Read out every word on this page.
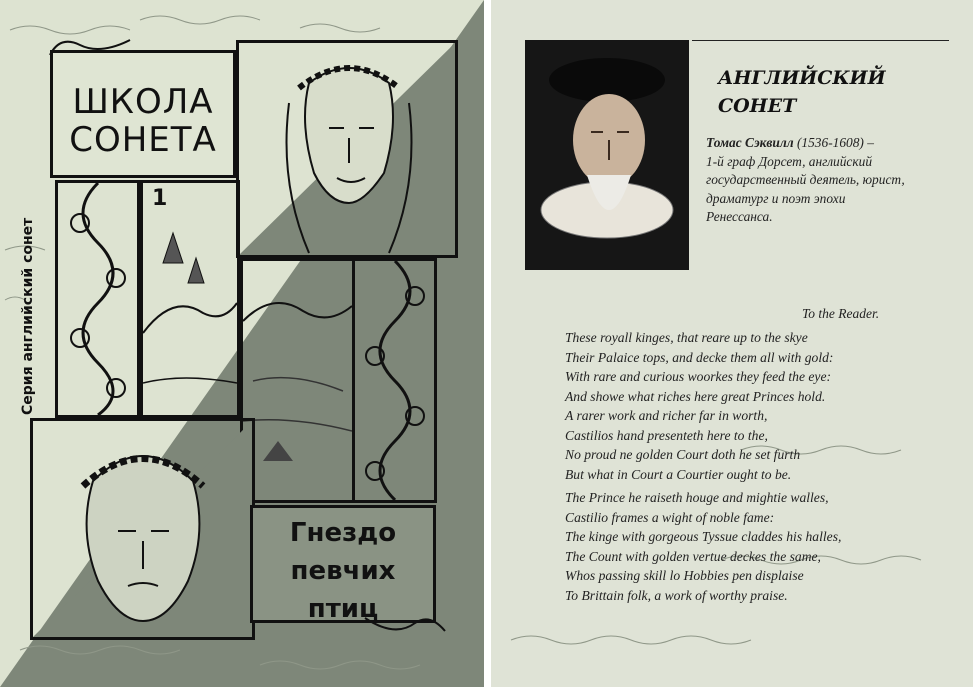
ШКОЛА
СОНЕТА
1
Серия английский сонет
Гнездо
певчих
птиц
АНГЛИЙСКИЙ
СОНЕТ
Томас Сэквилл (1536-1608) –
1-й граф Дорсет, английский
государственный деятель, юрист,
драматург и поэт эпохи
Ренессанса.
To the Reader.
These royall kinges, that reare up to the skye
Their Palaice tops, and decke them all with gold:
With rare and curious woorkes they feed the eye:
And showe what riches here great Princes hold.
A rarer work and richer far in worth,
Castilios hand presenteth here to the,
No proud ne golden Court doth he set furth
But what in Court a Courtier ought to be.
The Prince he raiseth houge and mightie walles,
Castilio frames a wight of noble fame:
The kinge with gorgeous Tyssue claddes his halles,
The Count with golden vertue deckes the same,
Whos passing skill lo Hobbies pen displaise
To Brittain folk, a work of worthy praise.
